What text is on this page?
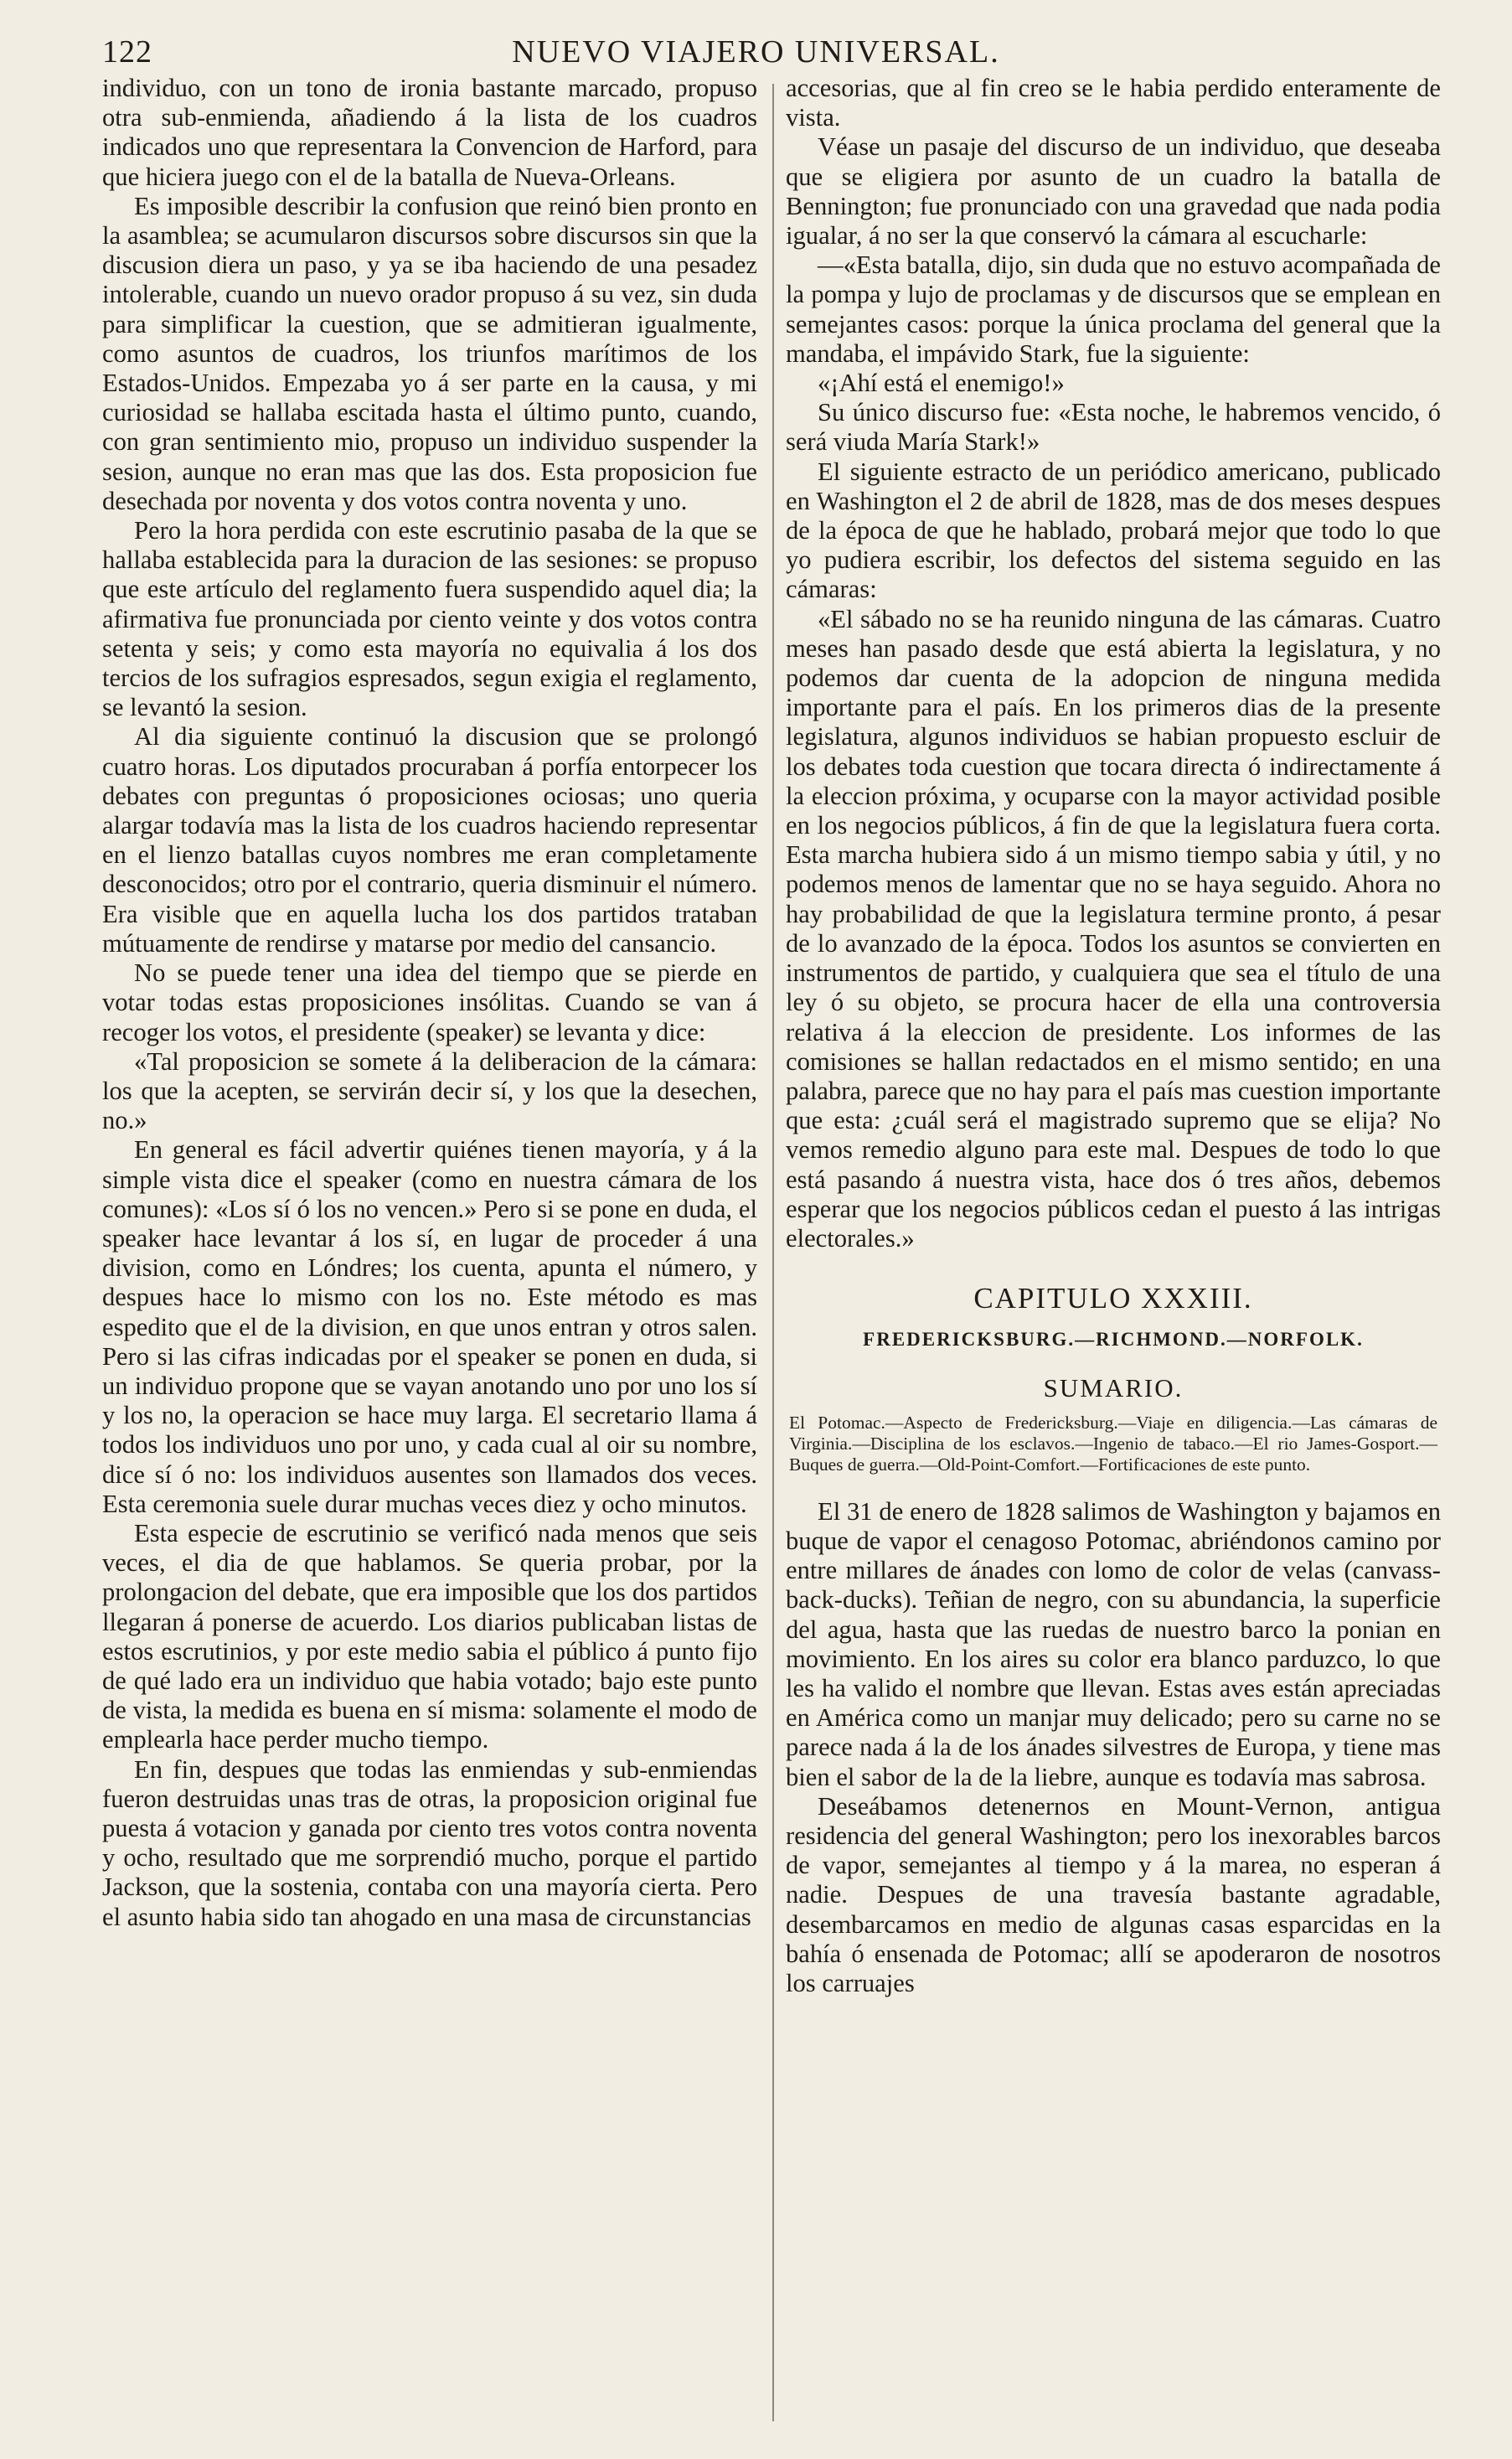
122	NUEVO VIAJERO UNIVERSAL.

individuo, con un tono de ironia bastante marcado, propuso otra sub-enmienda, añadiendo á la lista de los cuadros indicados uno que representara la Convencion de Harford, para que hiciera juego con el de la batalla de Nueva-Orleans.

Es imposible describir la confusion que reinó bien pronto en la asamblea; se acumularon discursos sobre discursos sin que la discusion diera un paso, y ya se iba haciendo de una pesadez intolerable, cuando un nuevo orador propuso á su vez, sin duda para simplificar la cuestion, que se admitieran igualmente, como asuntos de cuadros, los triunfos marítimos de los Estados-Unidos. Empezaba yo á ser parte en la causa, y mi curiosidad se hallaba escitada hasta el último punto, cuando, con gran sentimiento mio, propuso un individuo suspender la sesion, aunque no eran mas que las dos. Esta proposicion fue desechada por noventa y dos votos contra noventa y uno.

Pero la hora perdida con este escrutinio pasaba de la que se hallaba establecida para la duracion de las sesiones: se propuso que este artículo del reglamento fuera suspendido aquel dia; la afirmativa fue pronunciada por ciento veinte y dos votos contra setenta y seis; y como esta mayoría no equivalia á los dos tercios de los sufragios espresados, segun exigia el reglamento, se levantó la sesion.

Al dia siguiente continuó la discusion que se prolongó cuatro horas. Los diputados procuraban á porfía entorpecer los debates con preguntas ó proposiciones ociosas; uno queria alargar todavía mas la lista de los cuadros haciendo representar en el lienzo batallas cuyos nombres me eran completamente desconocidos; otro por el contrario, queria disminuir el número. Era visible que en aquella lucha los dos partidos trataban mútuamente de rendirse y matarse por medio del cansancio.

No se puede tener una idea del tiempo que se pierde en votar todas estas proposiciones insólitas. Cuando se van á recoger los votos, el presidente (speaker) se levanta y dice:

«Tal proposicion se somete á la deliberacion de la cámara: los que la acepten, se servirán decir sí, y los que la desechen, no.»

En general es fácil advertir quiénes tienen mayoría, y á la simple vista dice el speaker (como en nuestra cámara de los comunes): «Los sí ó los no vencen.» Pero si se pone en duda, el speaker hace levantar á los sí, en lugar de proceder á una division, como en Lóndres; los cuenta, apunta el número, y despues hace lo mismo con los no. Este método es mas espedito que el de la division, en que unos entran y otros salen. Pero si las cifras indicadas por el speaker se ponen en duda, si un individuo propone que se vayan anotando uno por uno los sí y los no, la operacion se hace muy larga. El secretario llama á todos los individuos uno por uno, y cada cual al oir su nombre, dice sí ó no: los individuos ausentes son llamados dos veces. Esta ceremonia suele durar muchas veces diez y ocho minutos.

Esta especie de escrutinio se verificó nada menos que seis veces, el dia de que hablamos. Se queria probar, por la prolongacion del debate, que era imposible que los dos partidos llegaran á ponerse de acuerdo. Los diarios publicaban listas de estos escrutinios, y por este medio sabia el público á punto fijo de qué lado era un individuo que habia votado; bajo este punto de vista, la medida es buena en sí misma: solamente el modo de emplearla hace perder mucho tiempo.

En fin, despues que todas las enmiendas y sub-enmiendas fueron destruidas unas tras de otras, la proposicion original fue puesta á votacion y ganada por ciento tres votos contra noventa y ocho, resultado que me sorprendió mucho, porque el partido Jackson, que la sostenia, contaba con una mayoría cierta. Pero el asunto habia sido tan ahogado en una masa de circunstancias

accesorias, que al fin creo se le habia perdido enteramente de vista.

Véase un pasaje del discurso de un individuo, que deseaba que se eligiera por asunto de un cuadro la batalla de Bennington; fue pronunciado con una gravedad que nada podia igualar, á no ser la que conservó la cámara al escucharle:

—«Esta batalla, dijo, sin duda que no estuvo acompañada de la pompa y lujo de proclamas y de discursos que se emplean en semejantes casos: porque la única proclama del general que la mandaba, el impávido Stark, fue la siguiente:

«¡Ahí está el enemigo!»

Su único discurso fue: «Esta noche, le habremos vencido, ó será viuda María Stark!»

El siguiente estracto de un periódico americano, publicado en Washington el 2 de abril de 1828, mas de dos meses despues de la época de que he hablado, probará mejor que todo lo que yo pudiera escribir, los defectos del sistema seguido en las cámaras:

«El sábado no se ha reunido ninguna de las cámaras. Cuatro meses han pasado desde que está abierta la legislatura, y no podemos dar cuenta de la adopcion de ninguna medida importante para el país. En los primeros dias de la presente legislatura, algunos individuos se habian propuesto escluir de los debates toda cuestion que tocara directa ó indirectamente á la eleccion próxima, y ocuparse con la mayor actividad posible en los negocios públicos, á fin de que la legislatura fuera corta. Esta marcha hubiera sido á un mismo tiempo sabia y útil, y no podemos menos de lamentar que no se haya seguido. Ahora no hay probabilidad de que la legislatura termine pronto, á pesar de lo avanzado de la época. Todos los asuntos se convierten en instrumentos de partido, y cualquiera que sea el título de una ley ó su objeto, se procura hacer de ella una controversia relativa á la eleccion de presidente. Los informes de las comisiones se hallan redactados en el mismo sentido; en una palabra, parece que no hay para el país mas cuestion importante que esta: ¿cuál será el magistrado supremo que se elija? No vemos remedio alguno para este mal. Despues de todo lo que está pasando á nuestra vista, hace dos ó tres años, debemos esperar que los negocios públicos cedan el puesto á las intrigas electorales.»

CAPITULO XXXIII.
FREDERICKSBURG.—RICHMOND.—NORFOLK.
SUMARIO.
El Potomac.—Aspecto de Fredericksburg.—Viaje en diligencia.—Las cámaras de Virginia.—Disciplina de los esclavos.—Ingenio de tabaco.—El rio James-Gosport.—Buques de guerra.—Old-Point-Comfort.—Fortificaciones de este punto.

El 31 de enero de 1828 salimos de Washington y bajamos en buque de vapor el cenagoso Potomac, abriéndonos camino por entre millares de ánades con lomo de color de velas (canvass-back-ducks). Teñian de negro, con su abundancia, la superficie del agua, hasta que las ruedas de nuestro barco la ponian en movimiento. En los aires su color era blanco parduzco, lo que les ha valido el nombre que llevan. Estas aves están apreciadas en América como un manjar muy delicado; pero su carne no se parece nada á la de los ánades silvestres de Europa, y tiene mas bien el sabor de la de la liebre, aunque es todavía mas sabrosa.

Deseábamos detenernos en Mount-Vernon, antigua residencia del general Washington; pero los inexorables barcos de vapor, semejantes al tiempo y á la marea, no esperan á nadie. Despues de una travesía bastante agradable, desembarcamos en medio de algunas casas esparcidas en la bahía ó ensenada de Potomac; allí se apoderaron de nosotros los carruajes
